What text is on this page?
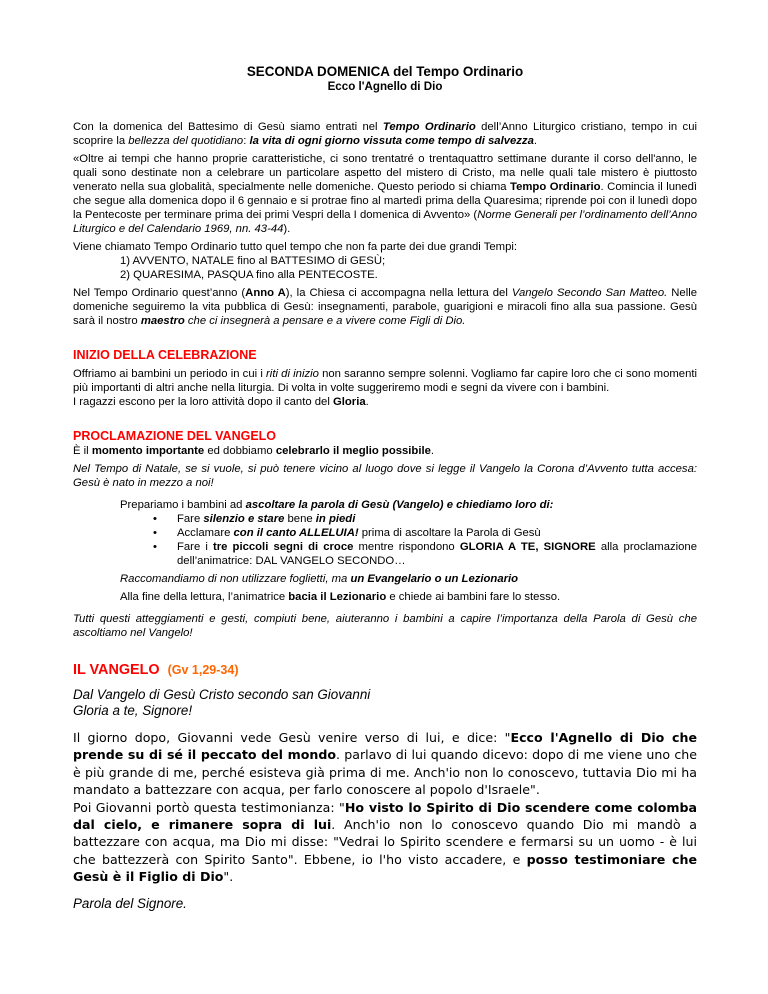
SECONDA DOMENICA del Tempo Ordinario

Ecco l'Agnello di Dio

Con la domenica del Battesimo di Gesù siamo entrati nel Tempo Ordinario dell’Anno Liturgico cristiano, tempo in cui scoprire la bellezza del quotidiano: la vita di ogni giorno vissuta come tempo di salvezza.

«Oltre ai tempi che hanno proprie caratteristiche, ci sono trentatré o trentaquattro settimane durante il corso dell'anno, le quali sono destinate non a celebrare un particolare aspetto del mistero di Cristo, ma nelle quali tale mistero è piuttosto venerato nella sua globalità, specialmente nelle domeniche. Questo periodo si chiama Tempo Ordinario. Comincia il lunedì che segue alla domenica dopo il 6 gennaio e si protrae fino al martedì prima della Quaresima; riprende poi con il lunedì dopo la Pentecoste per terminare prima dei primi Vespri della I domenica di Avvento» (Norme Generali per l’ordinamento dell’Anno Liturgico e del Calendario 1969, nn. 43-44).

Viene chiamato Tempo Ordinario tutto quel tempo che non fa parte dei due grandi Tempi:

1) AVVENTO, NATALE fino al BATTESIMO di GESÙ;

2) QUARESIMA, PASQUA fino alla PENTECOSTE.

Nel Tempo Ordinario quest’anno (Anno A), la Chiesa ci accompagna nella lettura del Vangelo Secondo San Matteo. Nelle domeniche seguiremo la vita pubblica di Gesù: insegnamenti, parabole, guarigioni e miracoli fino alla sua passione. Gesù sarà il nostro maestro che ci insegnerà a pensare e a vivere come Figli di Dio.

INIZIO DELLA CELEBRAZIONE

Offriamo ai bambini un periodo in cui i riti di inizio non saranno sempre solenni. Vogliamo far capire loro che ci sono momenti più importanti di altri anche nella liturgia. Di volta in volte suggeriremo modi e segni da vivere con i bambini.

I ragazzi escono per la loro attività dopo il canto del Gloria.

PROCLAMAZIONE DEL VANGELO

È il momento importante ed dobbiamo celebrarlo il meglio possibile.

Nel Tempo di Natale, se si vuole, si può tenere vicino al luogo dove si legge il Vangelo la Corona d’Avvento tutta accesa: Gesù è nato in mezzo a noi!

Prepariamo i bambini ad ascoltare la parola di Gesù (Vangelo) e chiediamo loro di:

• Fare silenzio e stare bene in piedi
• Acclamare con il canto ALLELUIA! prima di ascoltare la Parola di Gesù
• Fare i tre piccoli segni di croce mentre rispondono GLORIA A TE, SIGNORE alla proclamazione dell’animatrice: DAL VANGELO SECONDO…

Raccomandiamo di non utilizzare foglietti, ma un Evangelario o un Lezionario

Alla fine della lettura, l’animatrice bacia il Lezionario e chiede ai bambini fare lo stesso.

Tutti questi atteggiamenti e gesti, compiuti bene, aiuteranno i bambini a capire l’importanza della Parola di Gesù che ascoltiamo nel Vangelo!

IL VANGELO (Gv 1,29-34)

Dal Vangelo di Gesù Cristo secondo san Giovanni

Gloria a te, Signore!

Il giorno dopo, Giovanni vede Gesù venire verso di lui, e dice: "Ecco l'Agnello di Dio che prende su di sé il peccato del mondo. parlavo di lui quando dicevo: dopo di me viene uno che è più grande di me, perché esisteva già prima di me. Anch'io non lo conoscevo, tuttavia Dio mi ha mandato a battezzare con acqua, per farlo conoscere al popolo d'Israele".

Poi Giovanni portò questa testimonianza: "Ho visto lo Spirito di Dio scendere come colomba dal cielo, e rimanere sopra di lui. Anch'io non lo conoscevo quando Dio mi mandò a battezzare con acqua, ma Dio mi disse: "Vedrai lo Spirito scendere e fermarsi su un uomo - è lui che battezzerà con Spirito Santo". Ebbene, io l'ho visto accadere, e posso testimoniare che Gesù è il Figlio di Dio".

Parola del Signore.
